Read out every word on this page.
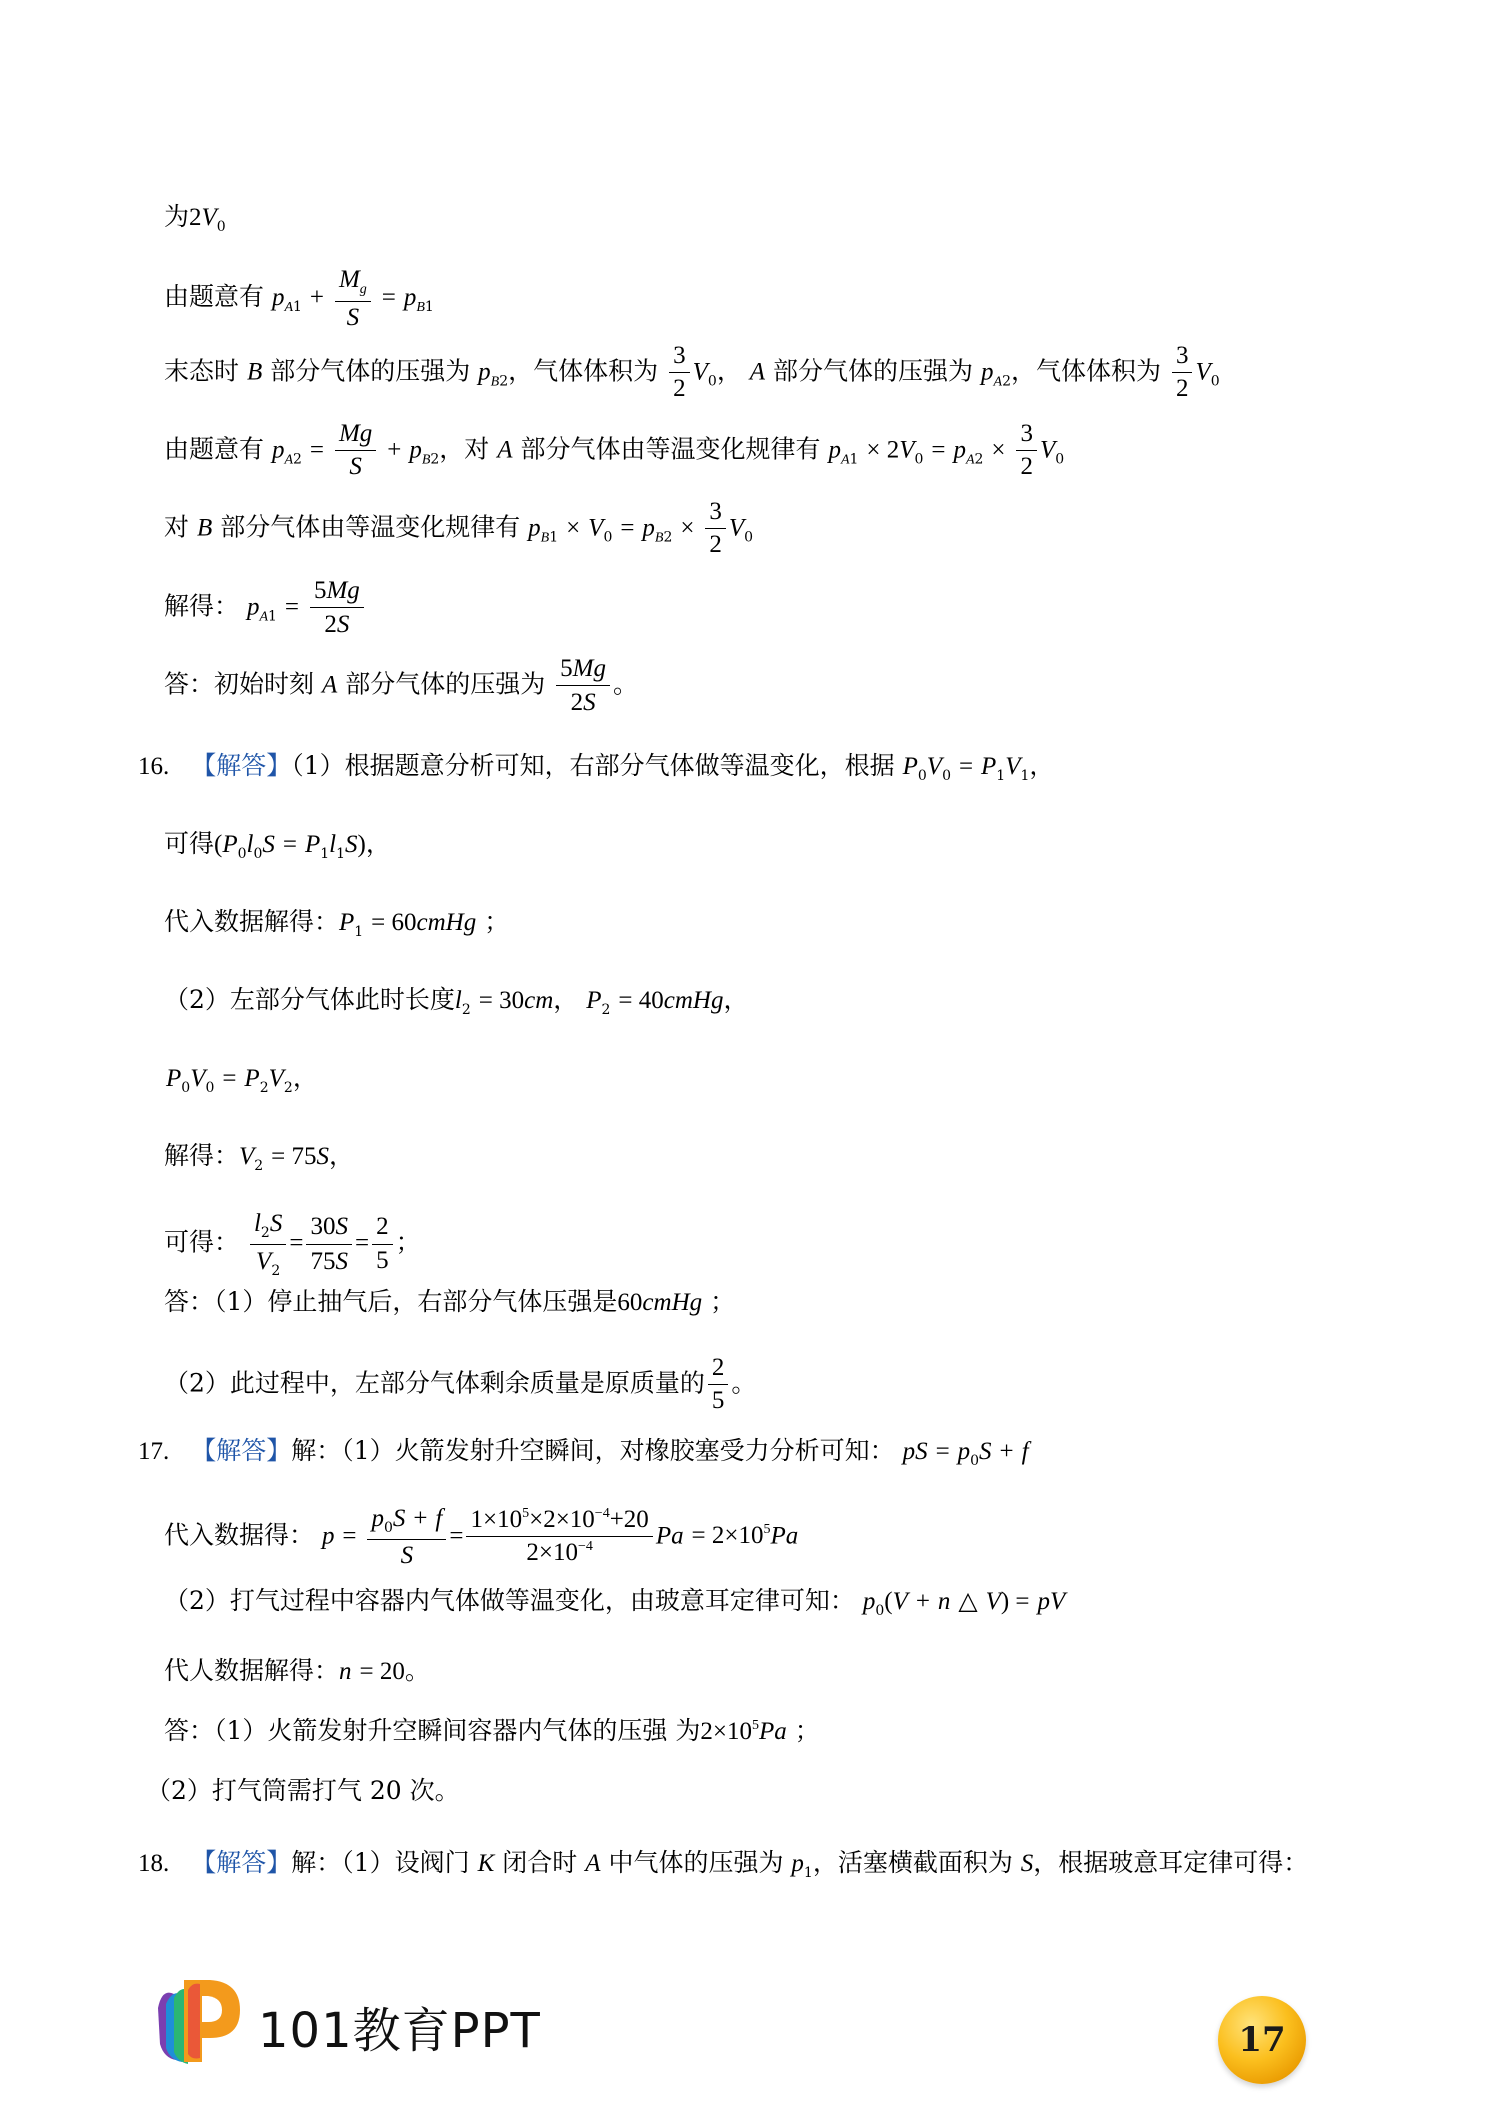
为$2V_0$
由题意有 $p_{A1} + \frac{M_g}{S} = p_{B1}$
末态时 B 部分气体的压强为 $p_{B2}$，气体体积为 $\frac{3}{2} V_0$， A 部分气体的压强为 $p_{A2}$，气体体积为 $\frac{3}{2} V_0$
由题意有 $p_{A2} = \frac{Mg}{S} + p_{B2}$，对 A 部分气体由等温变化规律有 $p_{A1} \times 2V_0 = p_{A2} \times \frac{3}{2} V_0$
对 B 部分气体由等温变化规律有 $p_{B1} \times V_0 = p_{B2} \times \frac{3}{2} V_0$
解得： $p_{A1} = \frac{5Mg}{2S}$
答：初始时刻 A 部分气体的压强为 $\frac{5Mg}{2S}$ 。
16. 【解答】（1）根据题意分析可知，右部分气体做等温变化，根据 $P_0V_0 = P_1V_1$，
可得$(P_0l_0S = P_1l_1S)$，
代入数据解得：$P_1$ = 60cmHg ；
（2）左部分气体此时长度$l_2 = 30cm$， $P_2$ = 40cmHg，
$P_0V_0 = P_2V_2$，
解得：$V_2 = 75S$，
可得： $\frac{l_2S}{V_2} = \frac{30S}{75S} = \frac{2}{5}$ ；
答：（1）停止抽气后，右部分气体压强是60cmHg ；
（2）此过程中，左部分气体剩余质量是原质量的 $\frac{2}{5}$ 。
17. 【解答】解：（1）火箭发射升空瞬间，对橡胶塞受力分析可知： pS = $p_0S + f$
代入数据得： $p = \frac{p_0S + f}{S} = \frac{1\times 10^5\times 2\times 10^{-4}+20}{2\times 10^{-4}}$ $Pa = 2\times 10^5Pa$
（2）打气过程中容器内气体做等温变化，由玻意耳定律可知： $p_0(V + n$ △ V) = pV
代人数据解得：n = 20。
答：（1）火箭发射升空瞬间容器内气体的压强 为$2\times 10^5Pa$ ；
（2）打气筒需打气 20 次。
18. 【解答】解：（1）设阀门 K 闭合时 A 中气体的压强为 $p_1$，活塞横截面积为 S，根据玻意耳定律可得：
101教育PPT	17
